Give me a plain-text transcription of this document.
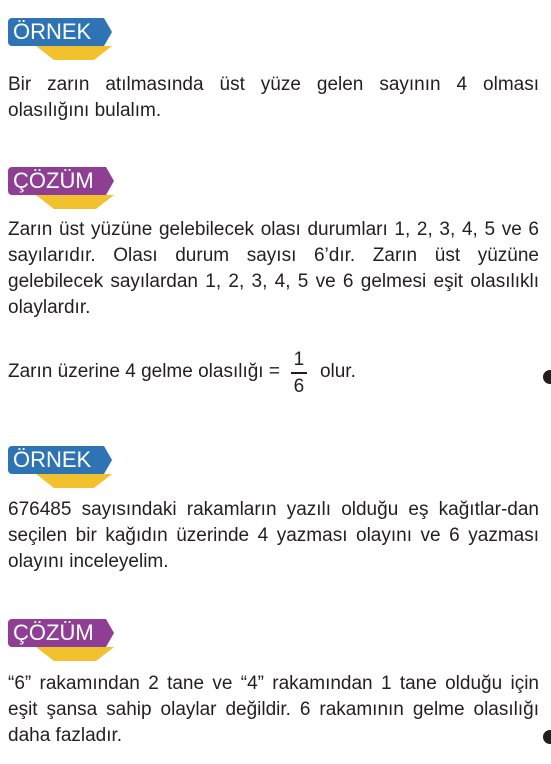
ÖRNEK

Bir zarın atılmasında üst yüze gelen sayının 4 olması olasılığını bulalım.

ÇÖZÜM

Zarın üst yüzüne gelebilecek olası durumları 1, 2, 3, 4, 5 ve 6 sayılarıdır. Olası durum sayısı 6’dır. Zarın üst yüzüne gelebilecek sayılardan 1, 2, 3, 4, 5 ve 6 gelmesi eşit olasılıklı olaylardır.

Zarın üzerine 4 gelme olasılığı = $\frac{1}{6}$ olur.
ÖRNEK

676485 sayısındaki rakamların yazılı olduğu eş kağıtlar-dan seçilen bir kağıdın üzerinde 4 yazması olayını ve 6 yazması olayını inceleyelim.

ÇÖZÜM

“6” rakamından 2 tane ve “4” rakamından 1 tane olduğu için eşit şansa sahip olaylar değildir. 6 rakamının gelme olasılığı daha fazladır.
